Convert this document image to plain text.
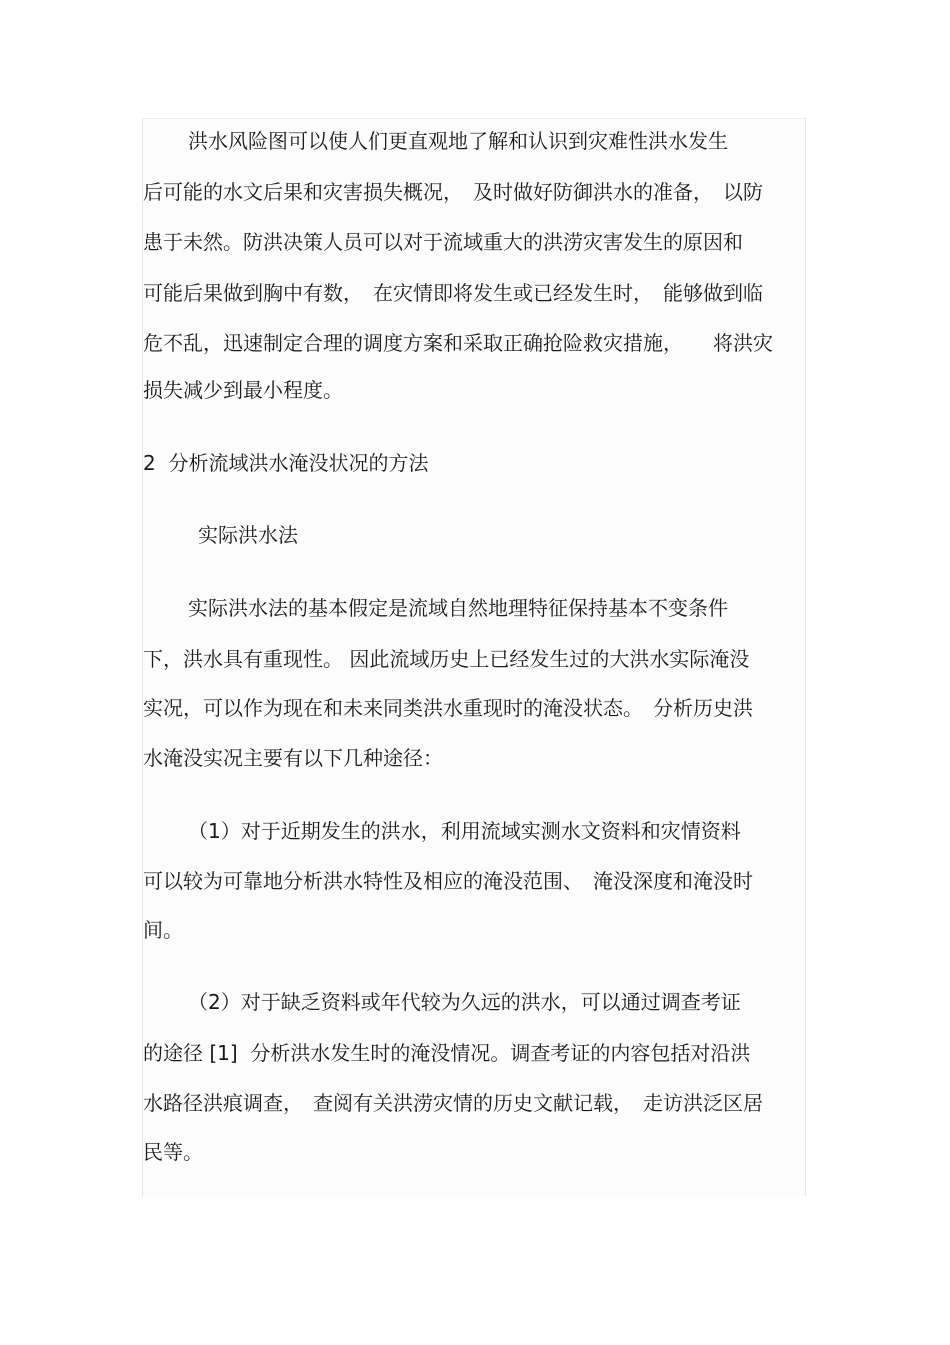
洪水风险图可以使人们更直观地了解和认识到灾难性洪水发生
后可能的水文后果和灾害损失概况，　及时做好防御洪水的准备，　以防
患于未然。防洪决策人员可以对于流域重大的洪涝灾害发生的原因和
可能后果做到胸中有数，　在灾情即将发生或已经发生时，　能够做到临
危不乱，迅速制定合理的调度方案和采取正确抢险救灾措施，　　将洪灾
损失减少到最小程度。
2  分析流域洪水淹没状况的方法
实际洪水法
实际洪水法的基本假定是流域自然地理特征保持基本不变条件
下，洪水具有重现性。 因此流域历史上已经发生过的大洪水实际淹没
实况，可以作为现在和未来同类洪水重现时的淹没状态。　分析历史洪
水淹没实况主要有以下几种途径：
（1）对于近期发生的洪水，利用流域实测水文资料和灾情资料
可以较为可靠地分析洪水特性及相应的淹没范围、　淹没深度和淹没时
间。
（2）对于缺乏资料或年代较为久远的洪水，可以通过调查考证
的途径 [1]  分析洪水发生时的淹没情况。调查考证的内容包括对沿洪
水路径洪痕调查，　查阅有关洪涝灾情的历史文献记载，　走访洪泛区居
民等。
